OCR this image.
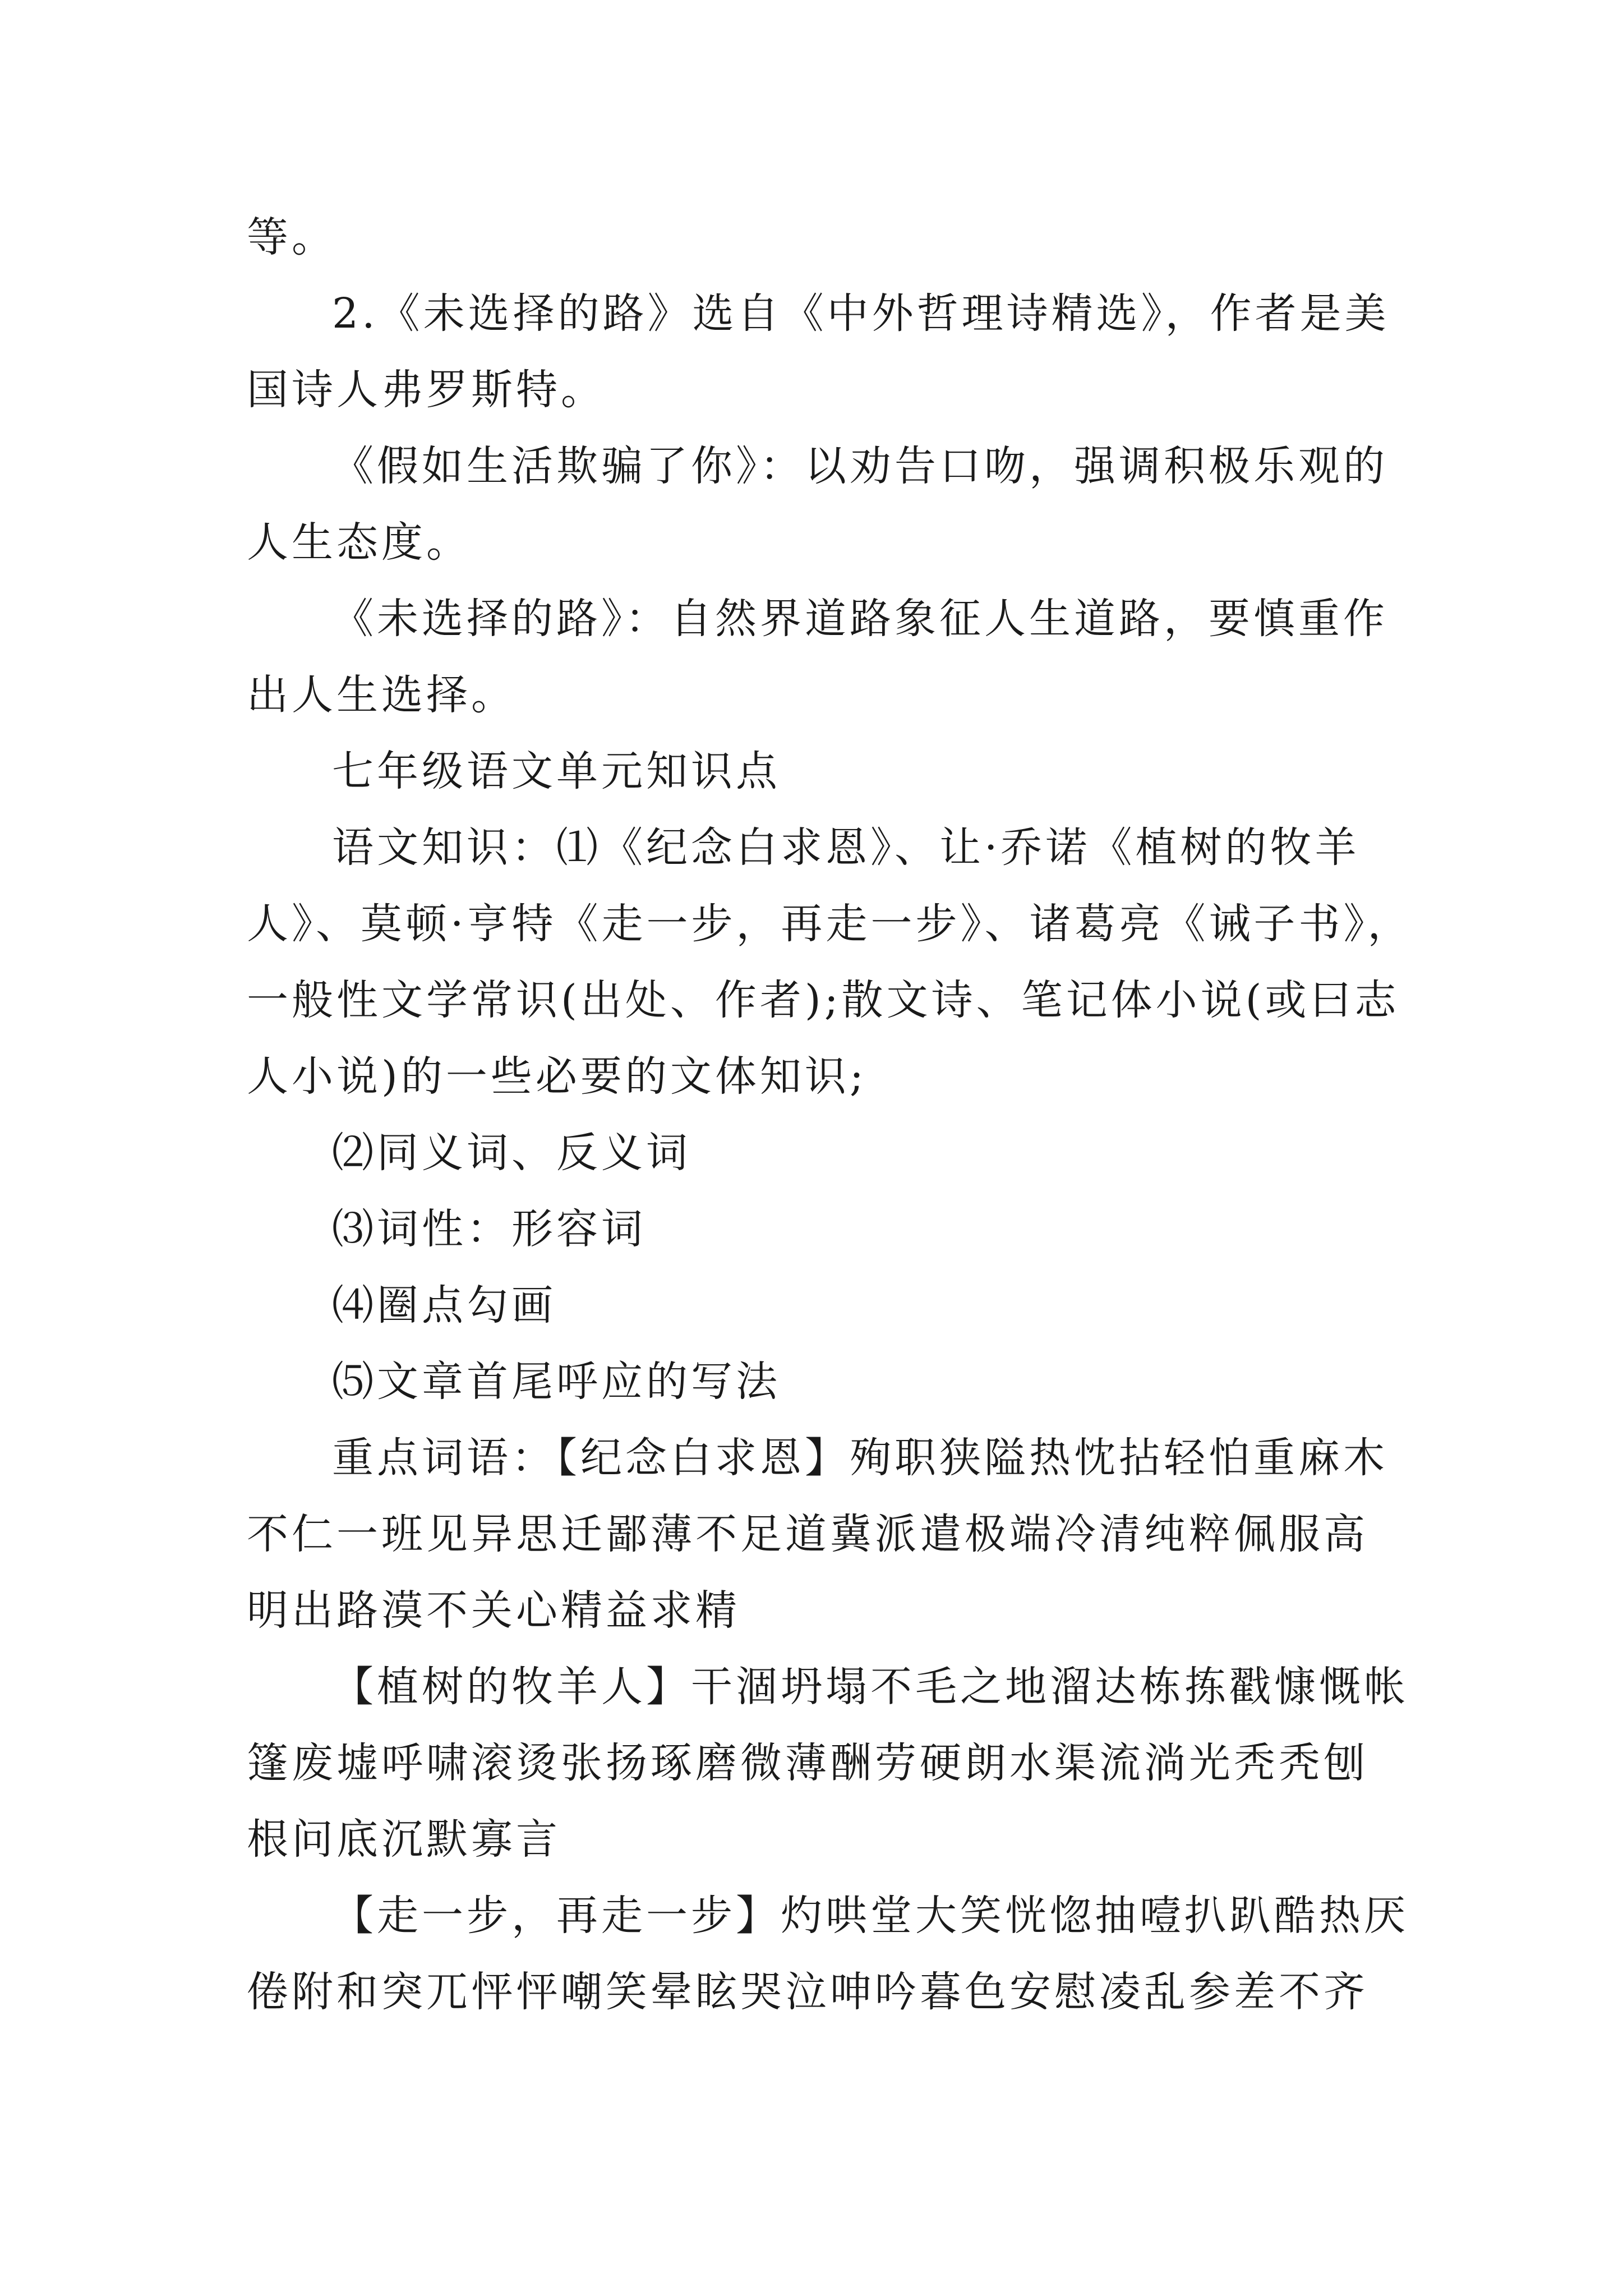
等。
2.《未选择的路》选自《中外哲理诗精选》，作者是美
国诗人弗罗斯特。
《假如生活欺骗了你》：以劝告口吻，强调积极乐观的
人生态度。
《未选择的路》：自然界道路象征人生道路，要慎重作
出人生选择。
七年级语文单元知识点
语文知识：⑴《纪念白求恩》、让·乔诺《植树的牧羊
人》、莫顿·亨特《走一步，再走一步》、诸葛亮《诫子书》，
一般性文学常识(出处、作者);散文诗、笔记体小说(或曰志
人小说)的一些必要的文体知识;
⑵同义词、反义词
⑶词性：形容词
⑷圈点勾画
⑸文章首尾呼应的写法
重点词语：【纪念白求恩】殉职狭隘热忱拈轻怕重麻木
不仁一班见异思迁鄙薄不足道冀派遣极端冷清纯粹佩服高
明出路漠不关心精益求精
【植树的牧羊人】干涸坍塌不毛之地溜达栋拣戳慷慨帐
篷废墟呼啸滚烫张扬琢磨微薄酬劳硬朗水渠流淌光秃秃刨
根问底沉默寡言
【走一步，再走一步】灼哄堂大笑恍惚抽噎扒趴酷热厌
倦附和突兀怦怦嘲笑晕眩哭泣呻吟暮色安慰凌乱参差不齐
